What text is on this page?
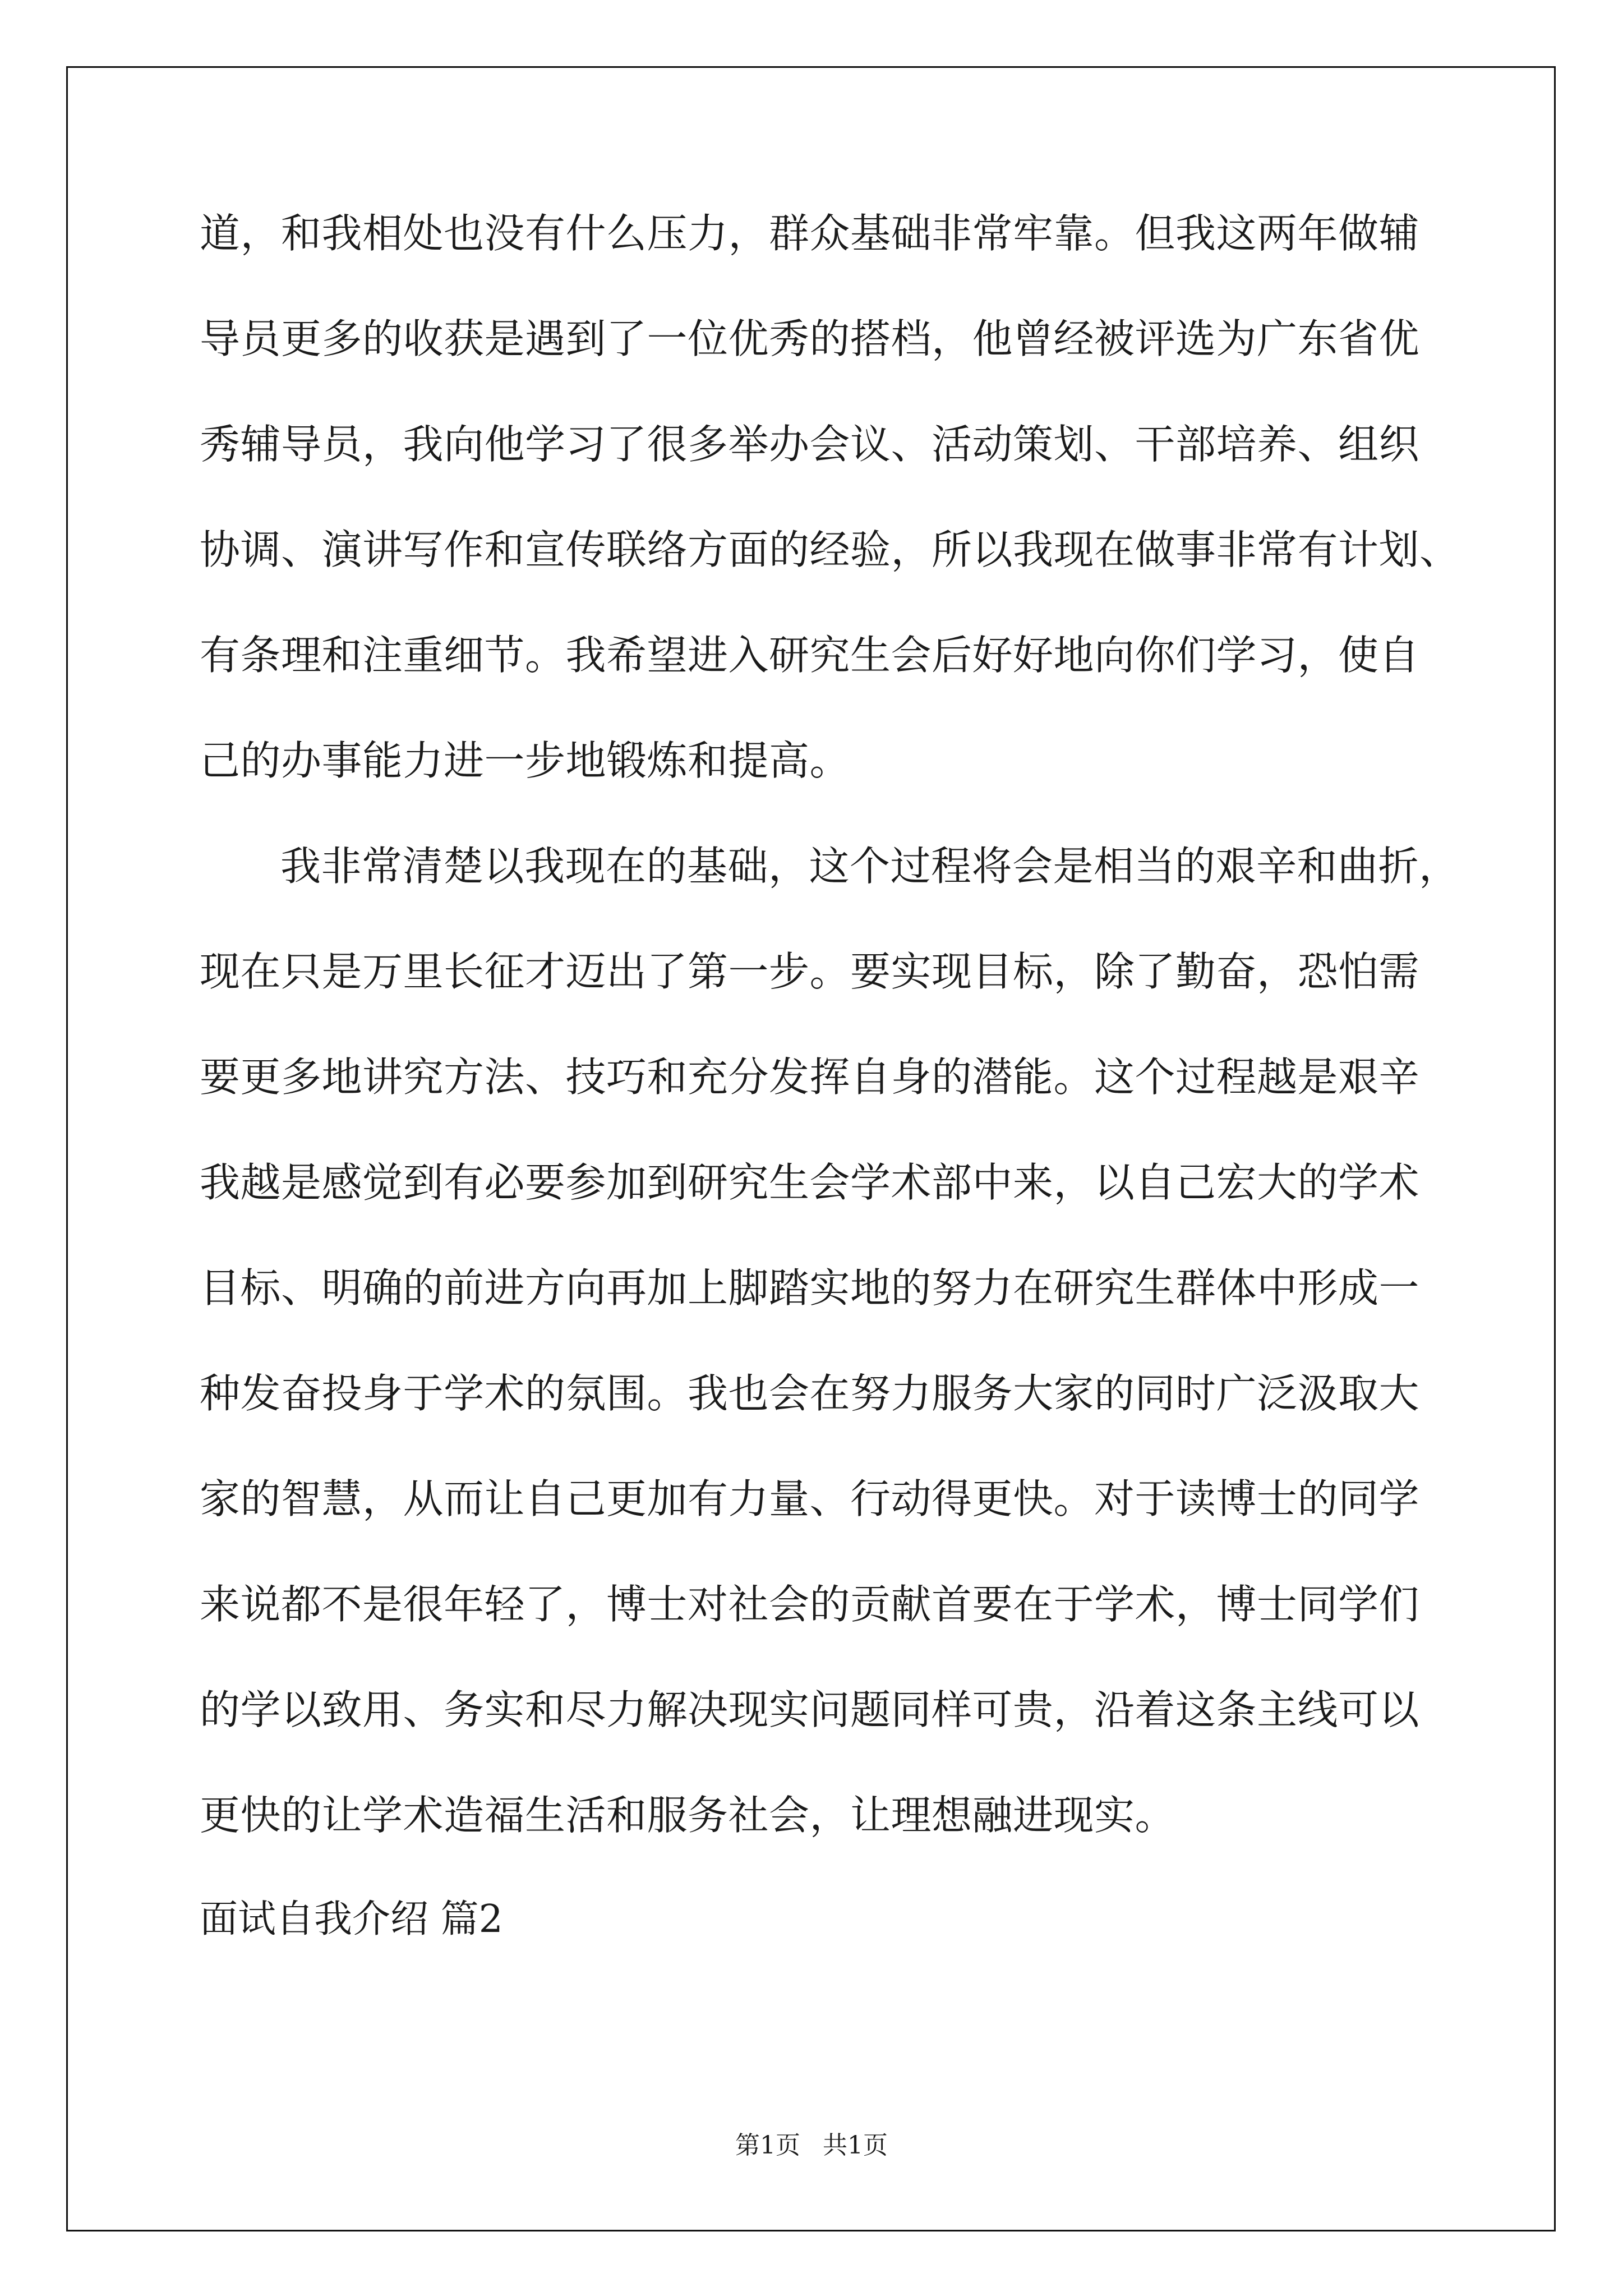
道，和我相处也没有什么压力，群众基础非常牢靠。但我这两年做辅
导员更多的收获是遇到了一位优秀的搭档，他曾经被评选为广东省优
秀辅导员，我向他学习了很多举办会议、活动策划、干部培养、组织
协调、演讲写作和宣传联络方面的经验，所以我现在做事非常有计划、
有条理和注重细节。我希望进入研究生会后好好地向你们学习，使自
己的办事能力进一步地锻炼和提高。
我非常清楚以我现在的基础，这个过程将会是相当的艰辛和曲折，
现在只是万里长征才迈出了第一步。要实现目标，除了勤奋，恐怕需
要更多地讲究方法、技巧和充分发挥自身的潜能。这个过程越是艰辛
我越是感觉到有必要参加到研究生会学术部中来，以自己宏大的学术
目标、明确的前进方向再加上脚踏实地的努力在研究生群体中形成一
种发奋投身于学术的氛围。我也会在努力服务大家的同时广泛汲取大
家的智慧，从而让自己更加有力量、行动得更快。对于读博士的同学
来说都不是很年轻了，博士对社会的贡献首要在于学术，博士同学们
的学以致用、务实和尽力解决现实问题同样可贵，沿着这条主线可以
更快的让学术造福生活和服务社会，让理想融进现实。
面试自我介绍 篇2
第1页 共1页
